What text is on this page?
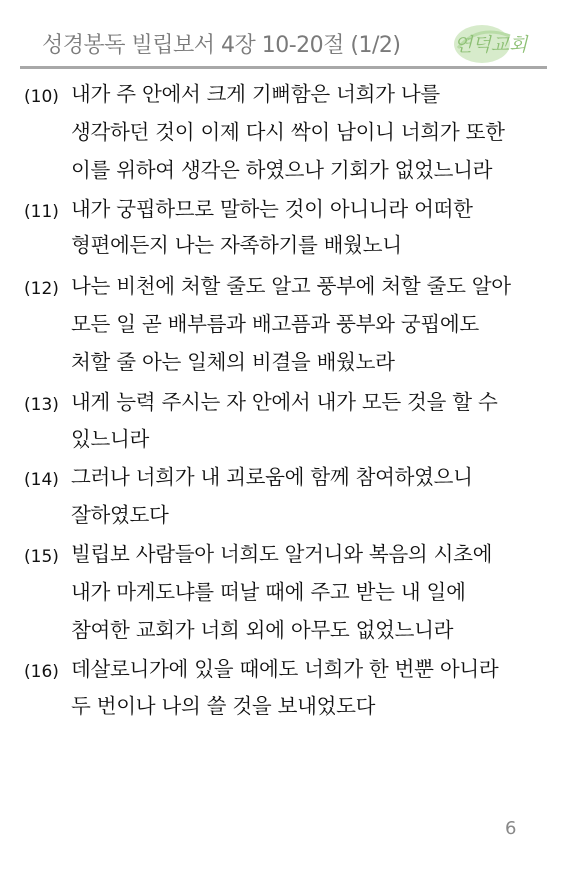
성경봉독 빌립보서 4장 10-20절 (1/2)	연덕교회
(10) 내가 주 안에서 크게 기뻐함은 너희가 나를
생각하던 것이 이제 다시 싹이 남이니 너희가 또한
이를 위하여 생각은 하였으나 기회가 없었느니라
(11) 내가 궁핍하므로 말하는 것이 아니니라 어떠한
형편에든지 나는 자족하기를 배웠노니
(12) 나는 비천에 처할 줄도 알고 풍부에 처할 줄도 알아
모든 일 곧 배부름과 배고픔과 풍부와 궁핍에도
처할 줄 아는 일체의 비결을 배웠노라
(13) 내게 능력 주시는 자 안에서 내가 모든 것을 할 수
있느니라
(14) 그러나 너희가 내 괴로움에 함께 참여하였으니
잘하였도다
(15) 빌립보 사람들아 너희도 알거니와 복음의 시초에
내가 마게도냐를 떠날 때에 주고 받는 내 일에
참여한 교회가 너희 외에 아무도 없었느니라
(16) 데살로니가에 있을 때에도 너희가 한 번뿐 아니라
두 번이나 나의 쓸 것을 보내었도다
6
